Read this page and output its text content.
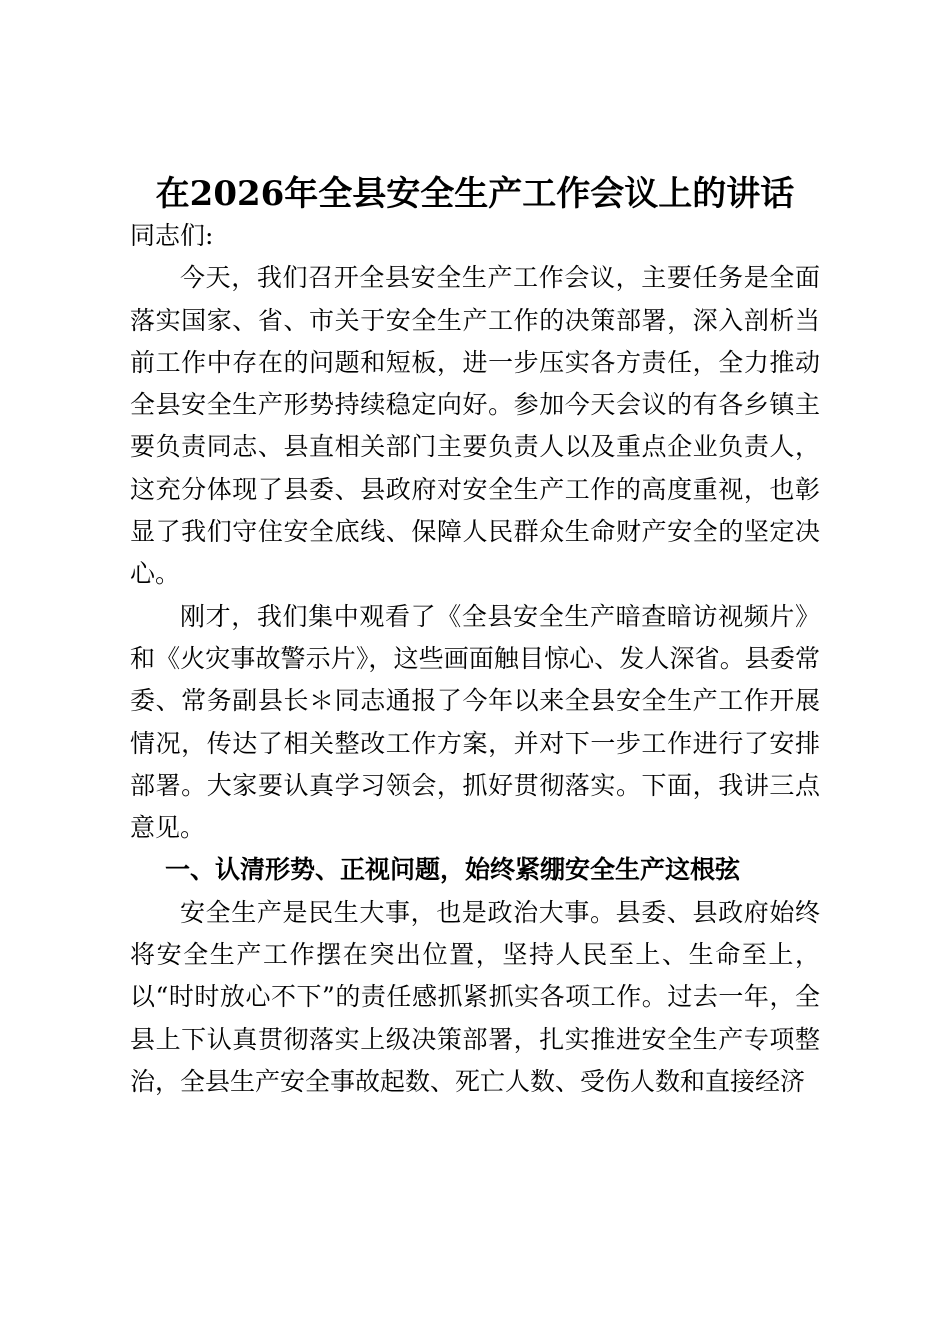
在2026年全县安全生产工作会议上的讲话

同志们:

今天，我们召开全县安全生产工作会议，主要任务是全面落实国家、省、市关于安全生产工作的决策部署，深入剖析当前工作中存在的问题和短板，进一步压实各方责任，全力推动全县安全生产形势持续稳定向好。参加今天会议的有各乡镇主要负责同志、县直相关部门主要负责人以及重点企业负责人，这充分体现了县委、县政府对安全生产工作的高度重视，也彰显了我们守住安全底线、保障人民群众生命财产安全的坚定决心。

刚才，我们集中观看了《全县安全生产暗查暗访视频片》和《火灾事故警示片》，这些画面触目惊心、发人深省。县委常委、常务副县长＊同志通报了今年以来全县安全生产工作开展情况，传达了相关整改工作方案，并对下一步工作进行了安排部署。大家要认真学习领会，抓好贯彻落实。下面，我讲三点意见。

一、认清形势、正视问题，始终紧绷安全生产这根弦

安全生产是民生大事，也是政治大事。县委、县政府始终将安全生产工作摆在突出位置，坚持人民至上、生命至上，以“时时放心不下”的责任感抓紧抓实各项工作。过去一年，全县上下认真贯彻落实上级决策部署，扎实推进安全生产专项整治，全县生产安全事故起数、死亡人数、受伤人数和直接经济
